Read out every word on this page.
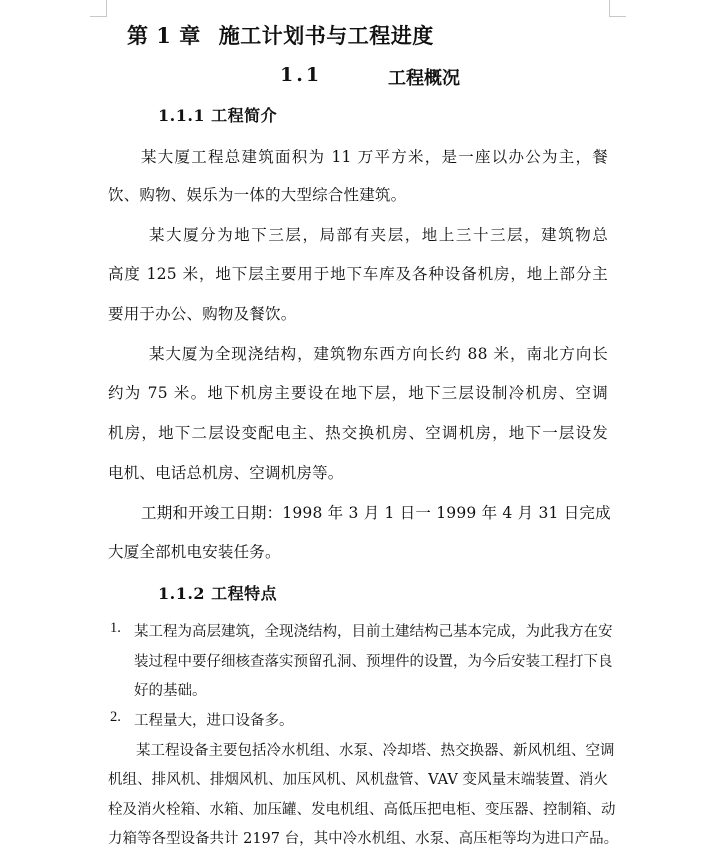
第 1 章 施工计划书与工程进度
1.1	工程概况
1.1.1 工程简介
某大厦工程总建筑面积为 11 万平方米，是一座以办公为主，餐
饮、购物、娱乐为一体的大型综合性建筑。
某大厦分为地下三层，局部有夹层，地上三十三层，建筑物总
高度 125 米，地下层主要用于地下车库及各种设备机房，地上部分主
要用于办公、购物及餐饮。
某大厦为全现浇结构，建筑物东西方向长约 88 米，南北方向长
约为 75 米。地下机房主要设在地下层，地下三层设制冷机房、空调
机房，地下二层设变配电主、热交换机房、空调机房，地下一层设发
电机、电话总机房、空调机房等。
工期和开竣工日期：1998 年 3 月 1 日一 1999 年 4 月 31 日完成
大厦全部机电安装任务。
1.1.2 工程特点
1. 某工程为高层建筑，全现浇结构，目前土建结构己基本完成，为此我方在安
装过程中要仔细核查落实预留孔洞、预埋件的设置，为今后安装工程打下良
好的基础。
2. 工程量大，进口设备多。
某工程设备主要包括冷水机组、水泵、冷却塔、热交换器、新风机组、空调
机组、排风机、排烟风机、加压风机、风机盘管、VAV 变风量末端装置、消火
栓及消火栓箱、水箱、加压罐、发电机组、高低压把电柜、变压器、控制箱、动
力箱等各型设备共计 2197 台，其中冷水机组、水泵、高压柜等均为进口产品。
